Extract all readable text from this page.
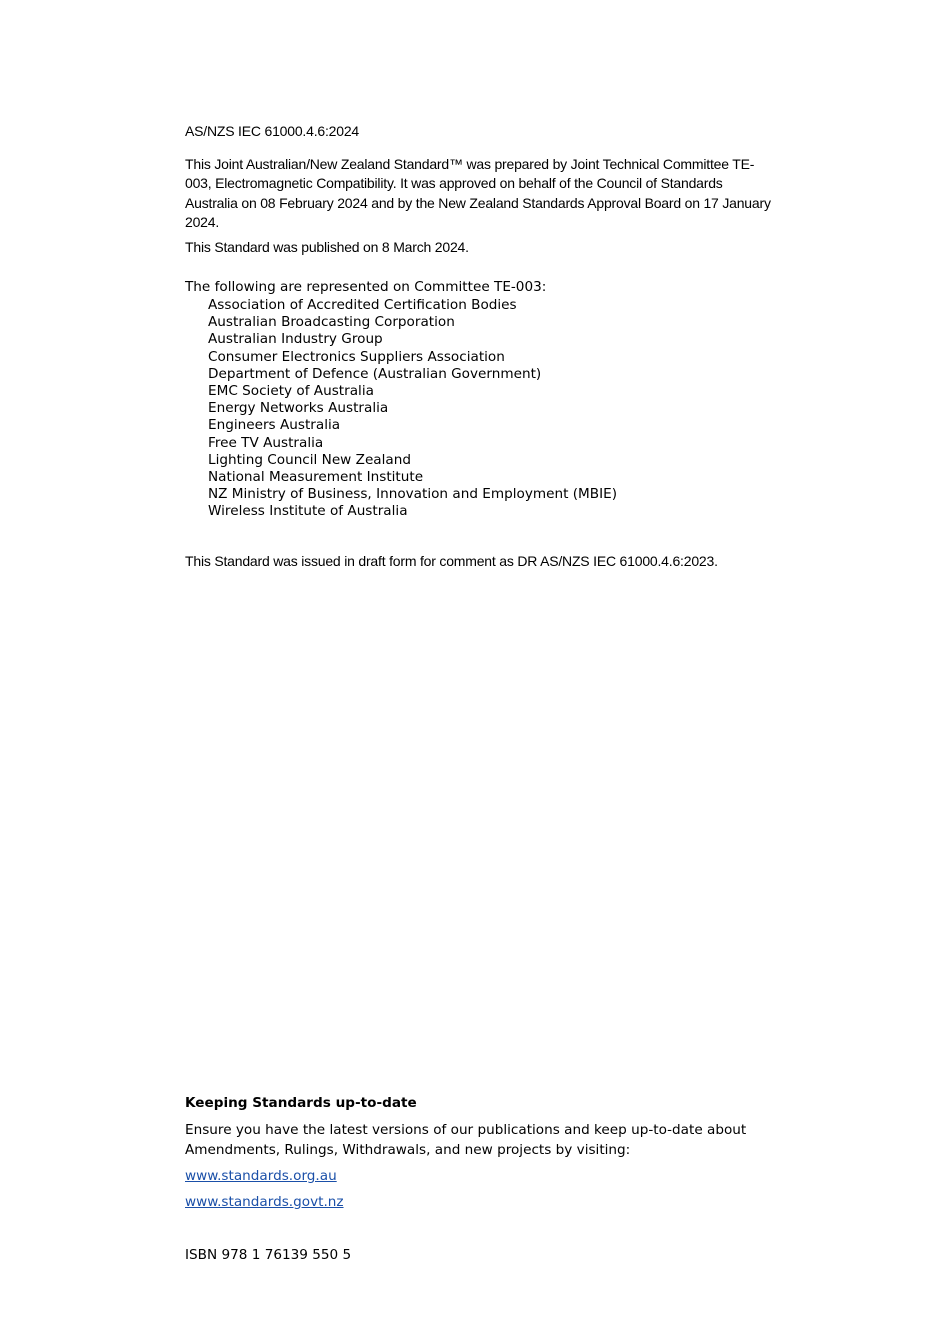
AS/NZS IEC 61000.4.6:2024

This Joint Australian/New Zealand Standard™ was prepared by Joint Technical Committee TE-003, Electromagnetic Compatibility. It was approved on behalf of the Council of Standards Australia on 08 February 2024 and by the New Zealand Standards Approval Board on 17 January 2024.

This Standard was published on 8 March 2024.
The following are represented on Committee TE-003:
Association of Accredited Certification Bodies
Australian Broadcasting Corporation
Australian Industry Group
Consumer Electronics Suppliers Association
Department of Defence (Australian Government)
EMC Society of Australia
Energy Networks Australia
Engineers Australia
Free TV Australia
Lighting Council New Zealand
National Measurement Institute
NZ Ministry of Business, Innovation and Employment (MBIE)
Wireless Institute of Australia
This Standard was issued in draft form for comment as DR AS/NZS IEC 61000.4.6:2023.
Keeping Standards up-to-date

Ensure you have the latest versions of our publications and keep up-to-date about Amendments, Rulings, Withdrawals, and new projects by visiting:

www.standards.org.au
www.standards.govt.nz
ISBN 978 1 76139 550 5
